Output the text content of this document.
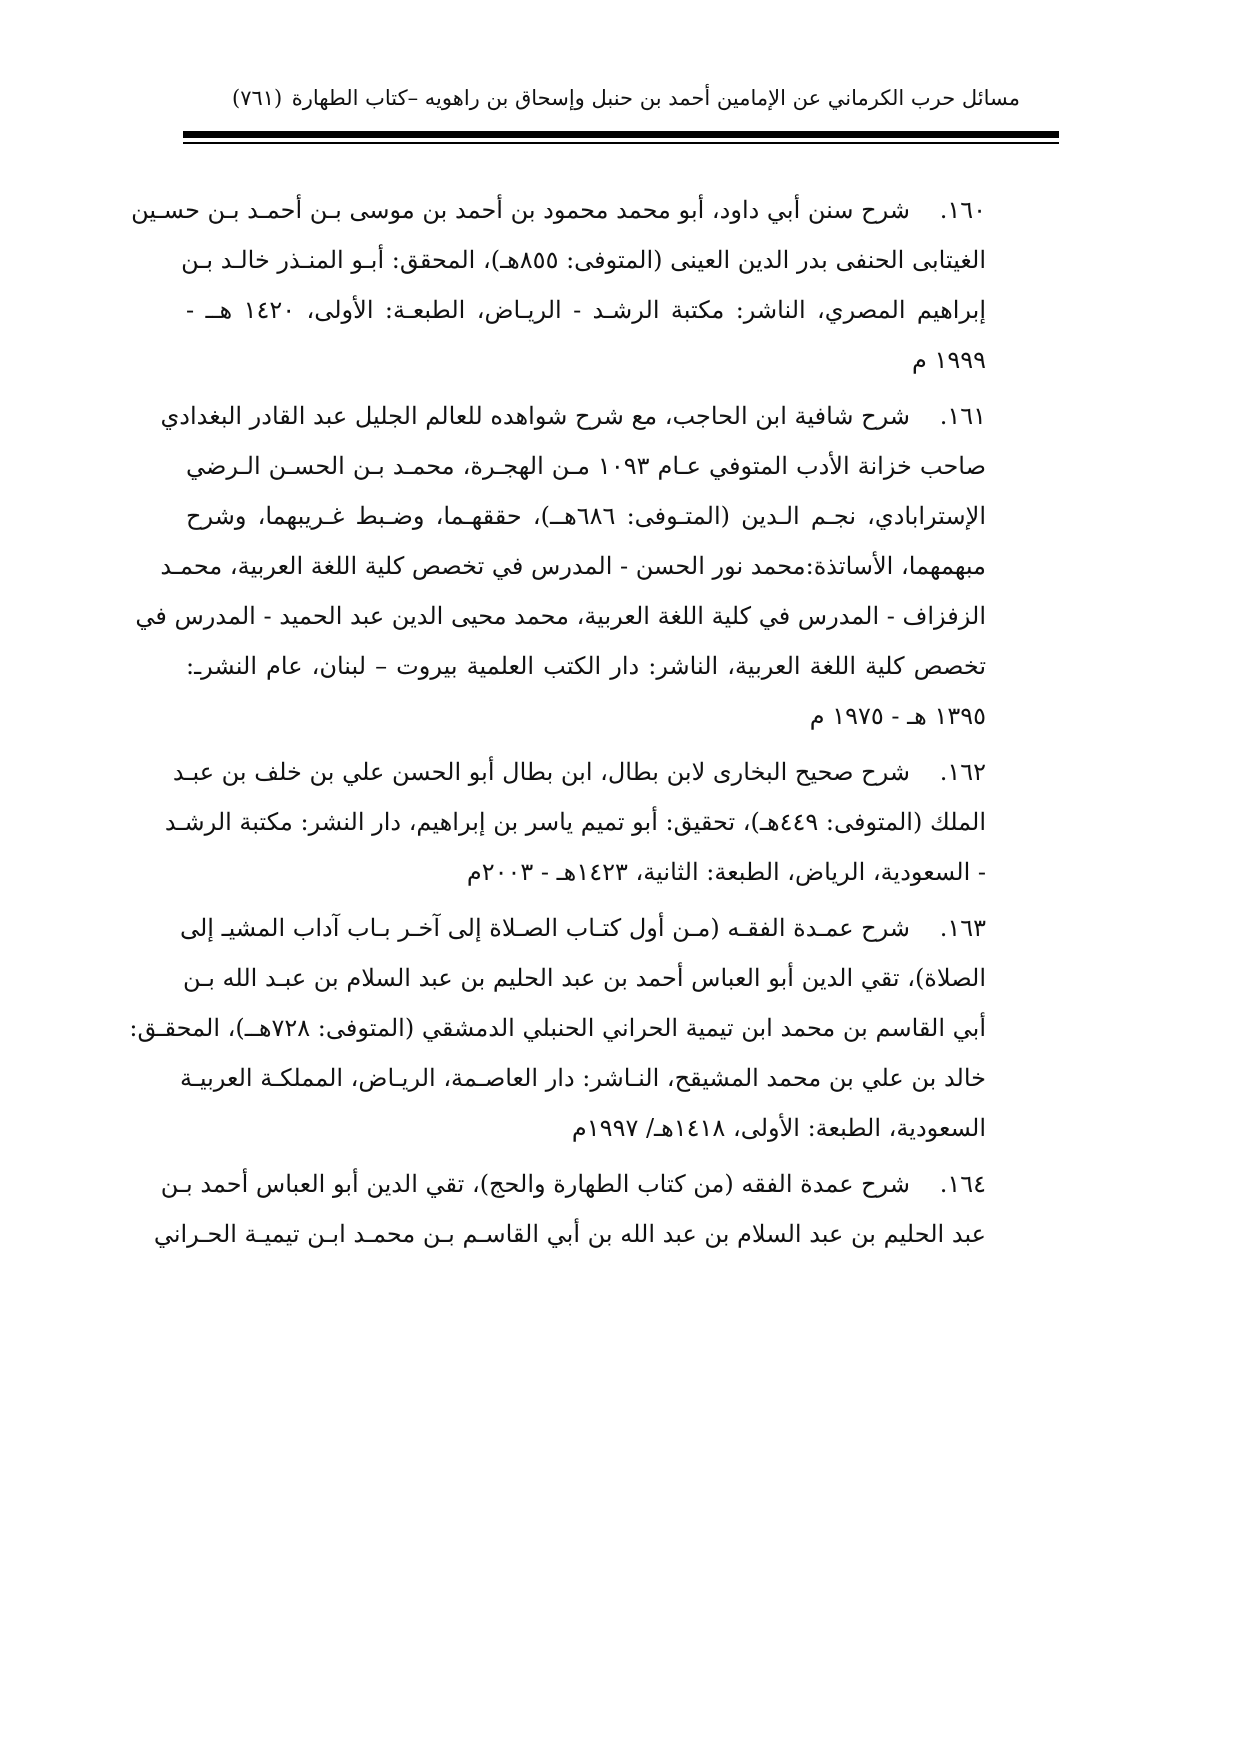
مسائل حرب الكرماني عن الإمامين أحمد بن حنبل وإسحاق بن راهويه –كتاب الطهارة
(٧٦١)
١٦٠.شرح سنن أبي داود، أبو محمد محمود بن أحمد بن موسى بـن أحمـد بـن حسـين
الغيتابى الحنفى بدر الدين العينى (المتوفى: ٨٥٥هـ)، المحقق: أبـو المنـذر خالـد بـن
إبراهيم المصري، الناشر: مكتبة الرشـد - الريـاض، الطبعـة: الأولى، ١٤٢٠ هــ -
١٩٩٩ م
١٦١.شرح شافية ابن الحاجب، مع شرح شواهده للعالم الجليل عبد القادر البغدادي
صاحب خزانة الأدب المتوفي عـام ١٠٩٣ مـن الهجـرة، محمـد بـن الحسـن الـرضي
الإسترابادي، نجـم الـدين (المتـوفى: ٦٨٦هــ)، حققهـما، وضـبط غـريبهما، وشرح
مبهمهما، الأساتذة:محمد نور الحسن - المدرس في تخصص كلية اللغة العربية، محمـد
الزفزاف - المدرس في كلية اللغة العربية، محمد محيى الدين عبد الحميد - المدرس في
تخصص كلية اللغة العربية، الناشر: دار الكتب العلمية بيروت – لبنان، عام النشرـ:
١٣٩٥ هـ - ١٩٧٥ م
١٦٢.شرح صحيح البخارى لابن بطال، ابن بطال أبو الحسن علي بن خلف بن عبـد
الملك (المتوفى: ٤٤٩هـ)، تحقيق: أبو تميم ياسر بن إبراهيم، دار النشر: مكتبة الرشـد
- السعودية، الرياض، الطبعة: الثانية، ١٤٢٣هـ - ٢٠٠٣م
١٦٣.شرح عمـدة الفقـه (مـن أول كتـاب الصـلاة إلى آخـر بـاب آداب المشيـ إلى
الصلاة)، تقي الدين أبو العباس أحمد بن عبد الحليم بن عبد السلام بن عبـد الله بـن
أبي القاسم بن محمد ابن تيمية الحراني الحنبلي الدمشقي (المتوفى: ٧٢٨هــ)، المحقـق:
خالد بن علي بن محمد المشيقح، النـاشر: دار العاصـمة، الريـاض، المملكـة العربيـة
السعودية، الطبعة: الأولى، ١٤١٨هـ/ ١٩٩٧م
١٦٤.شرح عمدة الفقه (من كتاب الطهارة والحج)، تقي الدين أبو العباس أحمد بـن
عبد الحليم بن عبد السلام بن عبد الله بن أبي القاسـم بـن محمـد ابـن تيميـة الحـراني
